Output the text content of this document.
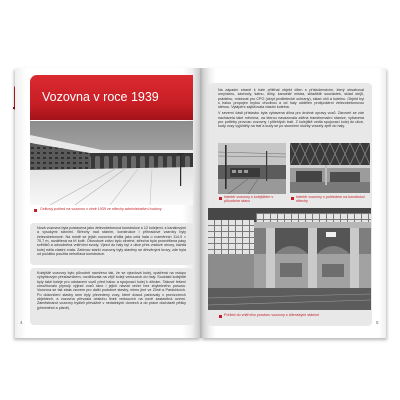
Vozovna v roce 1939

Celkový pohled na vozovnu v zimě 1939 ze střechy administrativní budovy

Nová vozovna byla postavena jako železobetonová konstrukce s 12 kolejemi, s kanálovými a vysokými stáními. Střechy nad stáním, konstrukce i příhradové vazníky byly železobetonové. Na místě se jejich vozovna zřídila jako celá hala o rozměrech 114,9 × 70,7 m, rozdělená na tři lodě. Obvodové zdivo bylo cihelné, střecha byla prosvětlena pásy světlíků a odvodněna vnitřními svody. Vjezd do haly byl z ulice přes vratové otvory, každá kolej měla vlastní vrata. Zatímco starší vozovny byly stavěny se dřevěnými krovy, zde byla od počátku použita nehořlavá konstrukce.

Kolejiště vozovny bylo původně navrženo tak, že se vjezdová kolej, opatřená na vstupu výhybkovým přestavníkem, rozdělovala na vějíř kolejí vedoucích do haly. Součástí kolejiště byly také koleje pro odstavení vozů před halou a spojovací kolej k dílnám. Takové řešení umožňovalo plynulý výjezd vozů ráno i jejich návrat večer bez zbytečného posunu. Vozovna se tak stala vzorem pro další podobné stavby, mimo jiné ve Zlíně a Pardubicích. Po dokončení stavby sem byly převedeny vozy, které dosud parkovaly v provizorních objektech, a vozovna převzala obsluhu linek vedoucích na nově zastavěná území. Zaměstnanci vozovny bydleli převážně v nedalekých domech a do práce docházeli pěšky (předměstí a pláně).

4

Na západní straně k hale přiléhal objekt dílen s příslušenstvím, který obsahoval umývárnu, záchody, šatnu, dílny, kancelář mistra, skladiště součástek, sklad olejů, prádelnu, místnost pro CPO (úkryt protiletecké ochrany), sklad uhlí a kotelnu. Objekt byl s halou propojen krytou chodbou a od haly oddělen protipožární železobetonovou stěnou. Vytápění zajišťovala vlastní kotelna.

V severní části přístavku byla vybavena dílna pro drobné opravy vozů. Zároveň se zde nacházela také měnírna, na kterou navazovala zděná transformační stanice, vybavená pro potřeby provozu vozovny i přilehlých tratí. Z kolejiště vedla spojovací kolej do ulice, kudy vozy vyjížděly na trať a kudy se po skončení služby vracely zpět do haly.

Interiér vozovny s kolejištěm v původním stavu

Interiér vozovny s pohledem na konstrukci střechy

Pohled do vnitřního prostoru vozovny s dílenskými stáními

5
